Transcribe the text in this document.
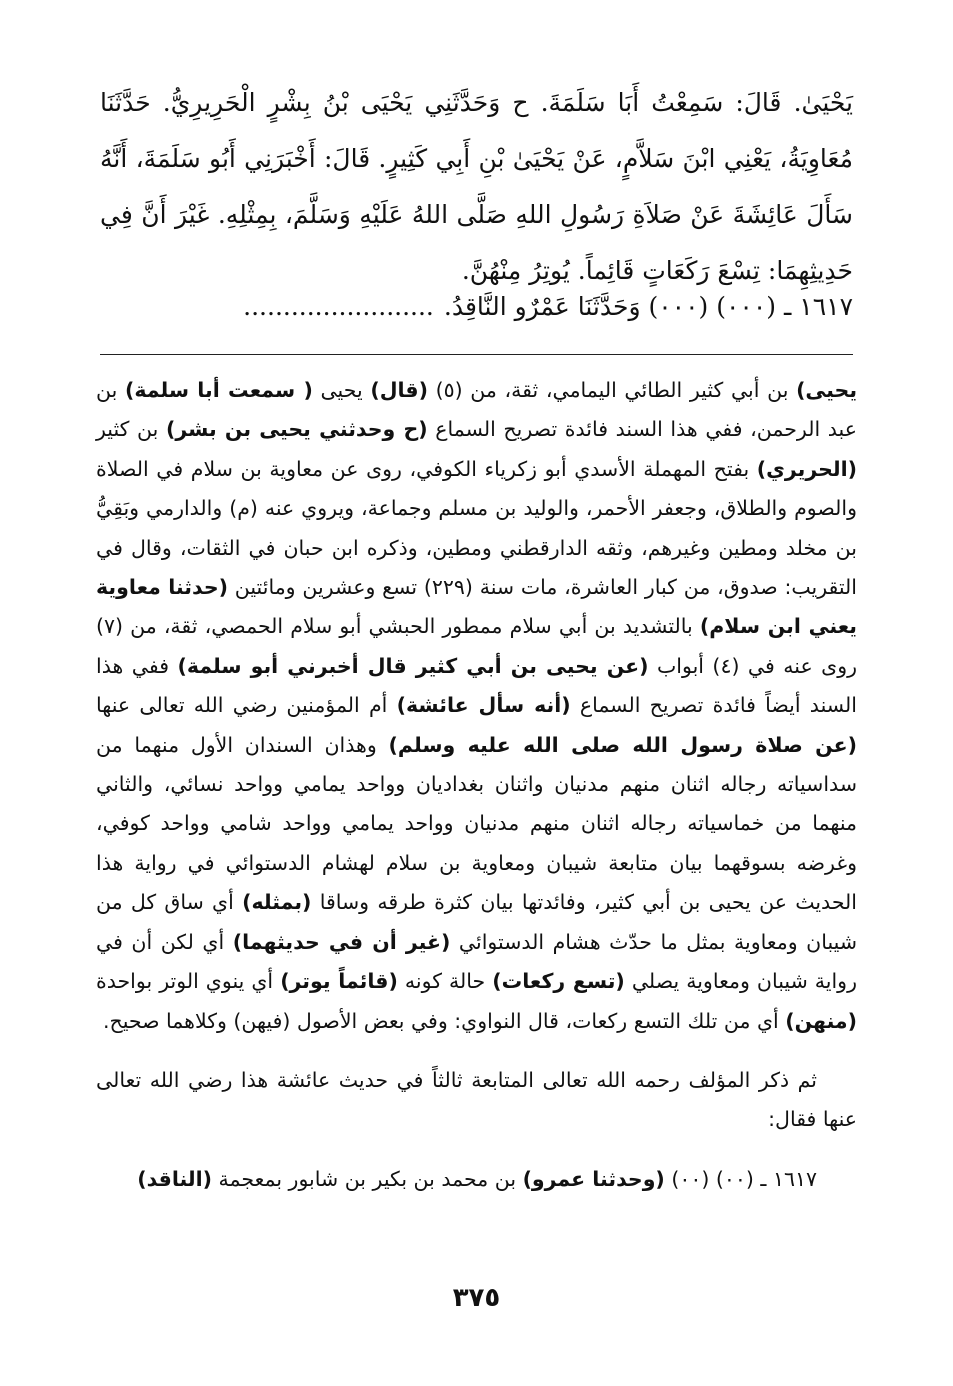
يَحْيَىٰ. قَالَ: سَمِعْتُ أَبَا سَلَمَةَ. ح وَحَدَّثَنِي يَحْيَى بْنُ بِشْرٍ الْحَرِيرِيُّ. حَدَّثَنَا مُعَاوِيَةُ، يَعْنِي ابْنَ سَلاَّمٍ، عَنْ يَحْيَىٰ بْنِ أَبِي كَثِيرٍ. قَالَ: أَخْبَرَنِي أَبُو سَلَمَةَ، أَنَّهُ سَأَلَ عَائِشَةَ عَنْ صَلاَةِ رَسُولِ اللهِ صَلَّى اللهُ عَلَيْهِ وَسَلَّمَ، بِمِثْلِهِ. غَيْرَ أَنَّ فِي حَدِيثِهِمَا: تِسْعَ رَكَعَاتٍ قَائِماً. يُوتِرُ مِنْهُنَّ.

١٦١٧ ـ (٠٠٠) (٠٠٠) وَحَدَّثَنَا عَمْرٌو النَّاقِدُ.........................

يحيى) بن أبي كثير الطائي اليمامي، ثقة، من (٥) (قال) يحيى ( سمعت أبا سلمة) بن عبد الرحمن، ففي هذا السند فائدة تصريح السماع (ح وحدثني يحيى بن بشر) بن كثير (الحريري) بفتح المهملة الأسدي أبو زكرياء الكوفي، روى عن معاوية بن سلام في الصلاة والصوم والطلاق، وجعفر الأحمر، والوليد بن مسلم وجماعة، ويروي عنه (م) والدارمي وبَقِيُّ بن مخلد ومطين وغيرهم، وثقه الدارقطني ومطين، وذكره ابن حبان في الثقات، وقال في التقريب: صدوق، من كبار العاشرة، مات سنة (٢٢٩) تسع وعشرين ومائتين (حدثنا معاوية يعني ابن سلام) بالتشديد بن أبي سلام ممطور الحبشي أبو سلام الحمصي، ثقة، من (٧) روى عنه في (٤) أبواب (عن يحيى بن أبي كثير قال أخبرني أبو سلمة) ففي هذا السند أيضاً فائدة تصريح السماع (أنه سأل عائشة) أم المؤمنين رضي الله تعالى عنها (عن صلاة رسول الله صلى الله عليه وسلم) وهذان السندان الأول منهما من سداسياته رجاله اثنان منهم مدنيان واثنان بغداديان وواحد يمامي وواحد نسائي، والثاني منهما من خماسياته رجاله اثنان منهم مدنيان وواحد يمامي وواحد شامي وواحد كوفي، وغرضه بسوقهما بيان متابعة شيبان ومعاوية بن سلام لهشام الدستوائي في رواية هذا الحديث عن يحيى بن أبي كثير، وفائدتها بيان كثرة طرقه وساقا (بمثله) أي ساق كل من شيبان ومعاوية بمثل ما حدّث هشام الدستوائي (غير أن في حديثهما) أي لكن أن في رواية شيبان ومعاوية يصلي (تسع ركعات) حالة كونه (قائماً يوتر) أي ينوي الوتر بواحدة (منهن) أي من تلك التسع ركعات، قال النواوي: وفي بعض الأصول (فيهن) وكلاهما صحيح.

ثم ذكر المؤلف رحمه الله تعالى المتابعة ثالثاً في حديث عائشة هذا رضي الله تعالى عنها فقال:

١٦١٧ ـ (٠٠) (٠٠) (وحدثنا عمرو) بن محمد بن بكير بن شابور بمعجمة (الناقد)

٣٧٥
